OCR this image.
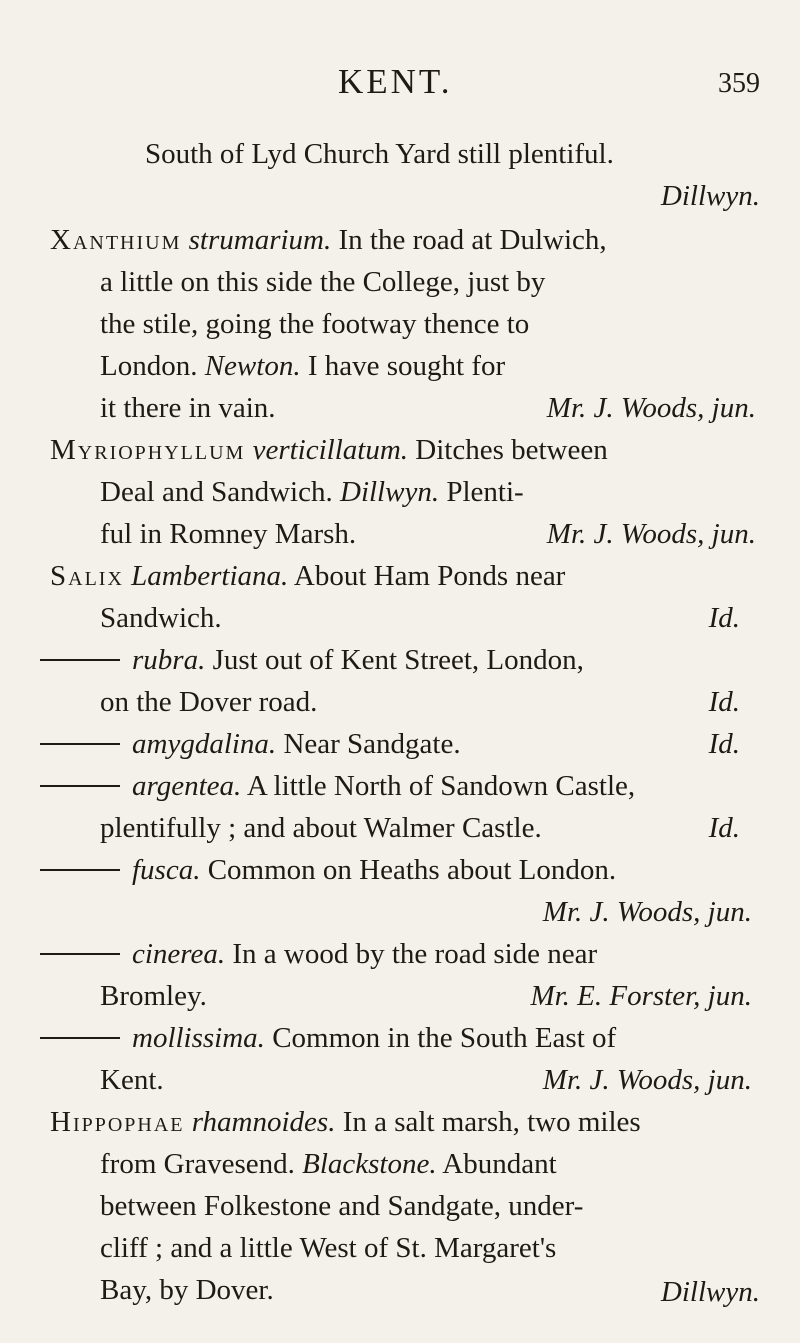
KENT.	359
South of Lyd Church Yard still plentiful.
Dillwyn.
Xanthium strumarium. In the road at Dulwich,
a little on this side the College, just by
the stile, going the footway thence to
London. Newton. I have sought for
it there in vain.	Mr. J. Woods, jun.
Myriophyllum verticillatum. Ditches between
Deal and Sandwich. Dillwyn. Plenti-
ful in Romney Marsh.	Mr. J. Woods, jun.
Salix Lambertiana. About Ham Ponds near
Sandwich.	Id.
rubra. Just out of Kent Street, London,
on the Dover road.	Id.
amygdalina. Near Sandgate.	Id.
argentea. A little North of Sandown Castle,
plentifully ; and about Walmer Castle.	Id.
fusca. Common on Heaths about London.
Mr. J. Woods, jun.
cinerea. In a wood by the road side near
Bromley.	Mr. E. Forster, jun.
mollissima. Common in the South East of
Kent.	Mr. J. Woods, jun.
Hippophae rhamnoides. In a salt marsh, two miles
from Gravesend. Blackstone. Abundant
between Folkestone and Sandgate, under-
cliff ; and a little West of St. Margaret's
Bay, by Dover.	Dillwyn.
